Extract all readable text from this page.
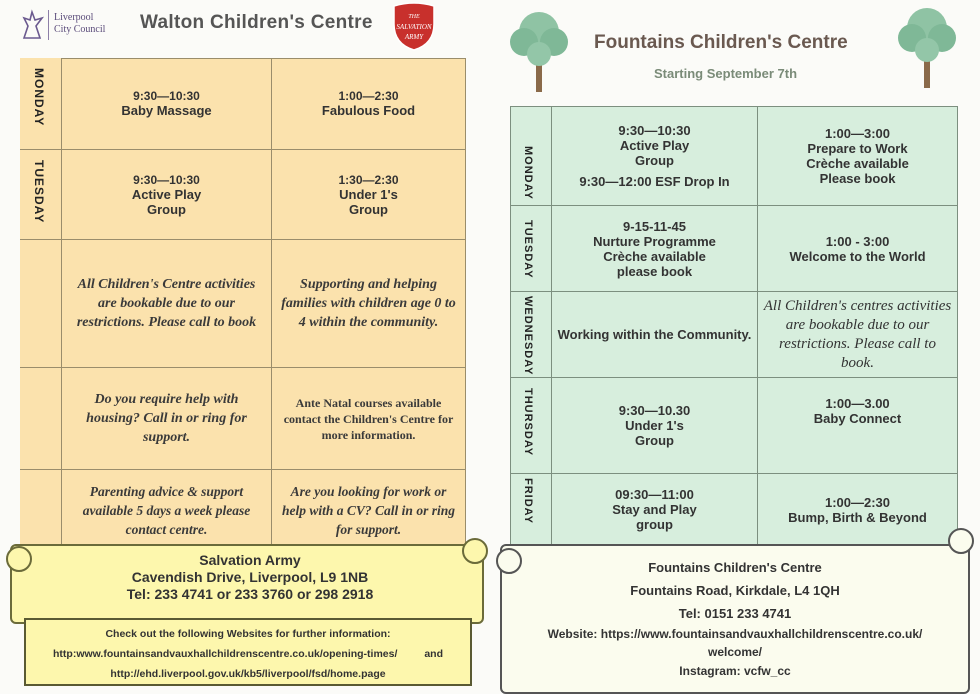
Liverpool
City Council Walton Children's Centre	THE
SALVATION
ARMY
MONDAY
TUESDAY
9:30—10:30
Baby Massage
1:00—2:30
Fabulous Food
9:30—10:30
Active Play
Group
1:30—2:30
Under 1's
Group
All Children's Centre activities are bookable due to our restrictions. Please call to book
Supporting and helping families with children age 0 to 4 within the community.
Do you require help with housing? Call in or ring for support.
Ante Natal courses available contact the Children's Centre for more information.
Parenting advice & support available 5 days a week please contact centre.
Are you looking for work or help with a CV? Call in or ring for support.
Salvation Army
Cavendish Drive, Liverpool, L9 1NB
Tel: 233 4741 or 233 3760 or 298 2918
Check out the following Websites for further information:
http:www.fountainsandvauxhallchildrenscentre.co.uk/opening-times/	and
http://ehd.liverpool.gov.uk/kb5/liverpool/fsd/home.page
Fountains Children's Centre
Starting September 7th
MONDAY
TUESDAY
WEDNESDAY
THURSDAY
FRIDAY
9:30—10:30
Active Play
Group
9:30—12:00 ESF Drop In
1:00—3:00
Prepare to Work
Crèche available
Please book
9-15-11-45
Nurture Programme
Crèche available
please book
1:00 - 3:00
Welcome to the World
Working within the Community.
All Children's centres activities are bookable due to our restrictions. Please call to book.
9:30—10.30
Under 1's
Group
1:00—3.00
Baby Connect
09:30—11:00
Stay and Play
group
1:00—2:30
Bump, Birth & Beyond
Fountains Children's Centre
Fountains Road, Kirkdale, L4 1QH
Tel: 0151 233 4741
Website: https://www.fountainsandvauxhallchildrenscentre.co.uk/
welcome/
Instagram: vcfw_cc
